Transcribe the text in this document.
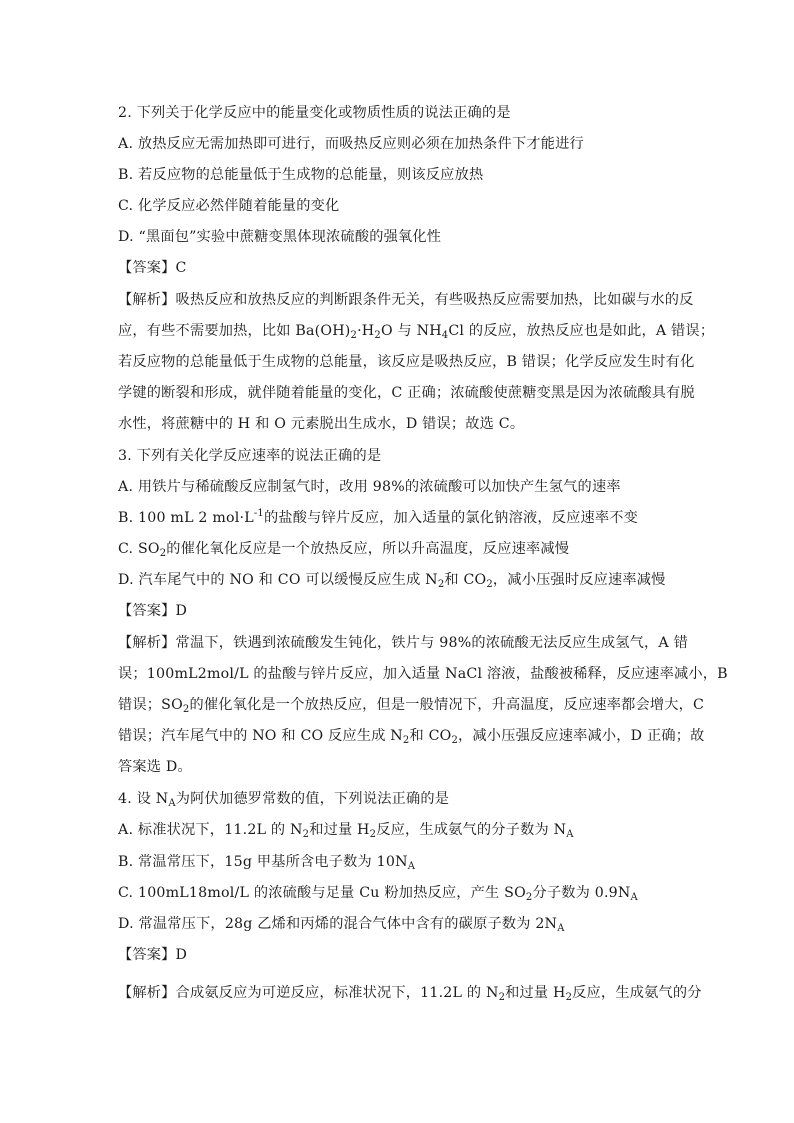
2. 下列关于化学反应中的能量变化或物质性质的说法正确的是
A. 放热反应无需加热即可进行，而吸热反应则必须在加热条件下才能进行
B. 若反应物的总能量低于生成物的总能量，则该反应放热
C. 化学反应必然伴随着能量的变化
D. “黑面包”实验中蔗糖变黑体现浓硫酸的强氧化性
【答案】C
【解析】吸热反应和放热反应的判断跟条件无关，有些吸热反应需要加热，比如碳与水的反
应，有些不需要加热，比如 $Ba(OH)_2\cdot H_2O$ 与 $NH_4Cl$ 的反应，放热反应也是如此，A 错误；
若反应物的总能量低于生成物的总能量，该反应是吸热反应，B 错误；化学反应发生时有化
学键的断裂和形成，就伴随着能量的变化，C 正确；浓硫酸使蔗糖变黑是因为浓硫酸具有脱
水性，将蔗糖中的 H 和 O 元素脱出生成水，D 错误；故选 C。
3. 下列有关化学反应速率的说法正确的是
A. 用铁片与稀硫酸反应制氢气时，改用 98%的浓硫酸可以加快产生氢气的速率
B. 100 mL 2 $mol\cdot L^{-1}$的盐酸与锌片反应，加入适量的氯化钠溶液，反应速率不变
C. $SO_2$的催化氧化反应是一个放热反应，所以升高温度，反应速率减慢
D. 汽车尾气中的 NO 和 CO 可以缓慢反应生成 $N_2$和 $CO_2$，减小压强时反应速率减慢
【答案】D
【解析】常温下，铁遇到浓硫酸发生钝化，铁片与 98%的浓硫酸无法反应生成氢气，A 错
误；100mL2mol/L 的盐酸与锌片反应，加入适量 NaCl 溶液，盐酸被稀释，反应速率减小，B
错误；$SO_2$的催化氧化是一个放热反应，但是一般情况下，升高温度，反应速率都会增大，C
错误；汽车尾气中的 NO 和 CO 反应生成 $N_2$和 $CO_2$，减小压强反应速率减小，D 正确；故
答案选 D。
4. 设 $N_A$为阿伏加德罗常数的值，下列说法正确的是
A. 标准状况下，11.2L 的 $N_2$和过量 $H_2$反应，生成氨气的分子数为 $N_A$
B. 常温常压下，15g 甲基所含电子数为 $10N_A$
C. 100mL18mol/L 的浓硫酸与足量 Cu 粉加热反应，产生 $SO_2$分子数为 $0.9N_A$
D. 常温常压下，28g 乙烯和丙烯的混合气体中含有的碳原子数为 $2N_A$
【答案】D
【解析】合成氨反应为可逆反应，标准状况下，11.2L 的 $N_2$和过量 $H_2$反应，生成氨气的分
